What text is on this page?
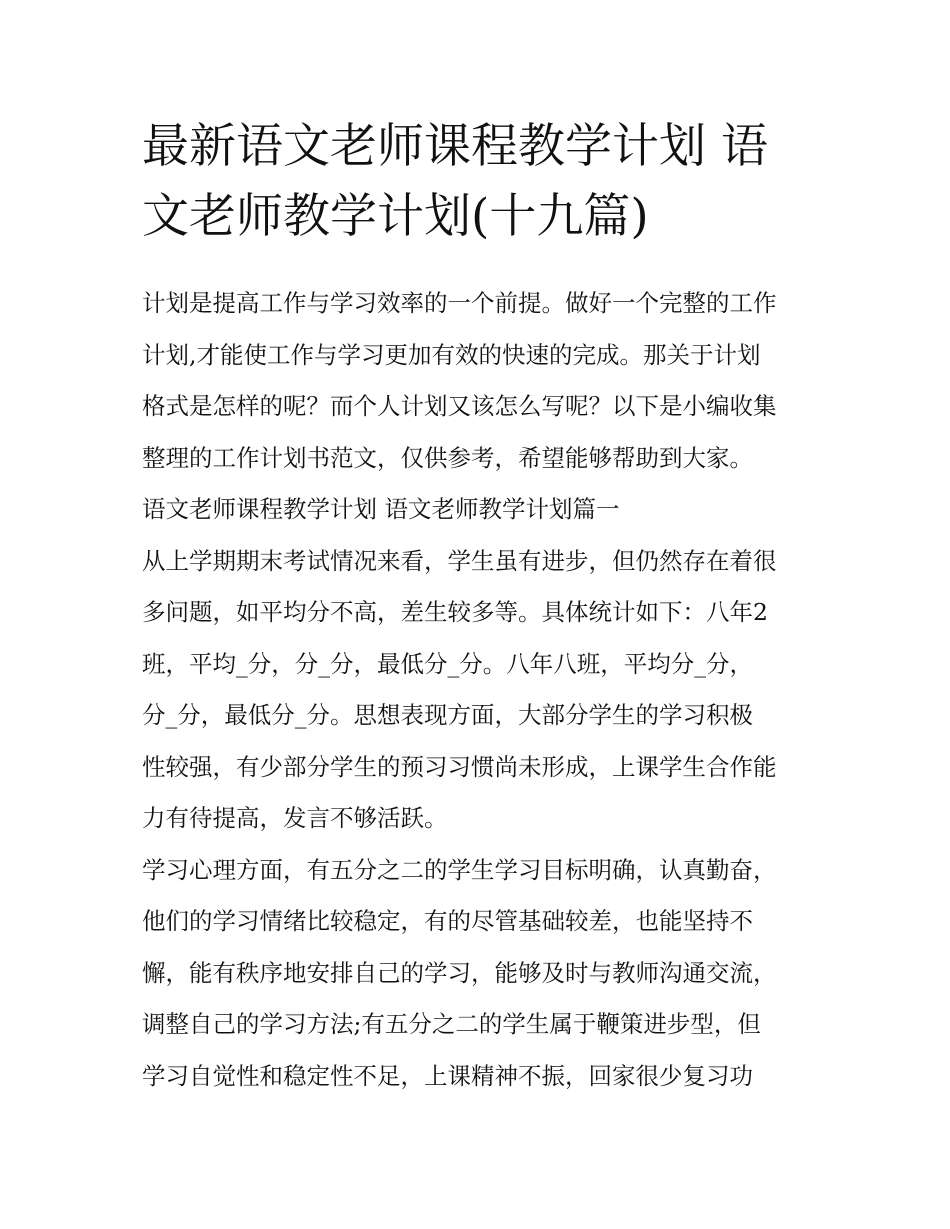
最新语文老师课程教学计划 语
文老师教学计划(十九篇)
计划是提高工作与学习效率的一个前提。做好一个完整的工作
计划,才能使工作与学习更加有效的快速的完成。那关于计划
格式是怎样的呢？而个人计划又该怎么写呢？以下是小编收集
整理的工作计划书范文，仅供参考，希望能够帮助到大家。
语文老师课程教学计划 语文老师教学计划篇一
从上学期期末考试情况来看，学生虽有进步，但仍然存在着很
多问题，如平均分不高，差生较多等。具体统计如下：八年2
班，平均_分，分_分，最低分_分。八年八班，平均分_分，
分_分，最低分_分。思想表现方面，大部分学生的学习积极
性较强，有少部分学生的预习习惯尚未形成，上课学生合作能
力有待提高，发言不够活跃。
学习心理方面，有五分之二的学生学习目标明确，认真勤奋，
他们的学习情绪比较稳定，有的尽管基础较差，也能坚持不
懈，能有秩序地安排自己的学习，能够及时与教师沟通交流，
调整自己的学习方法;有五分之二的学生属于鞭策进步型，但
学习自觉性和稳定性不足，上课精神不振，回家很少复习功
